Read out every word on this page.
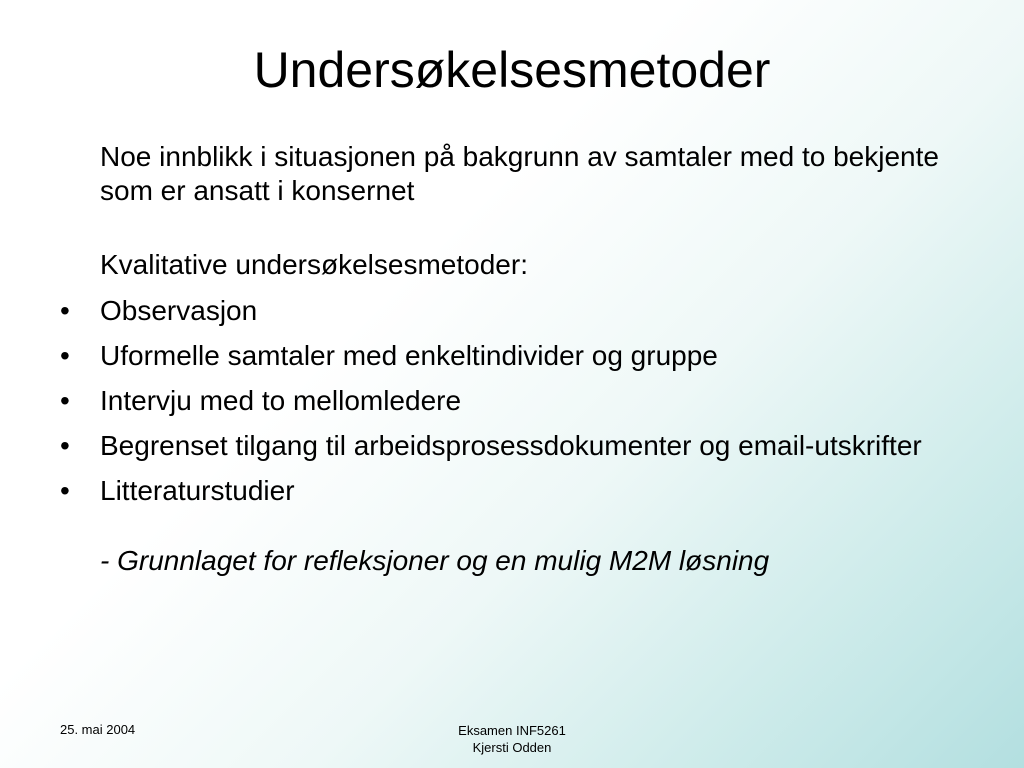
Undersøkelsesmetoder

Noe innblikk i situasjonen på bakgrunn av samtaler med to bekjente som er ansatt i konsernet

Kvalitative undersøkelsesmetoder:

• Observasjon
• Uformelle samtaler med enkeltindivider og gruppe
• Intervju med to mellomledere
• Begrenset tilgang til arbeidsprosessdokumenter og email-utskrifter
• Litteraturstudier

- Grunnlaget for refleksjoner og en mulig M2M løsning

25. mai 2004	Eksamen INF5261
Kjersti Odden
